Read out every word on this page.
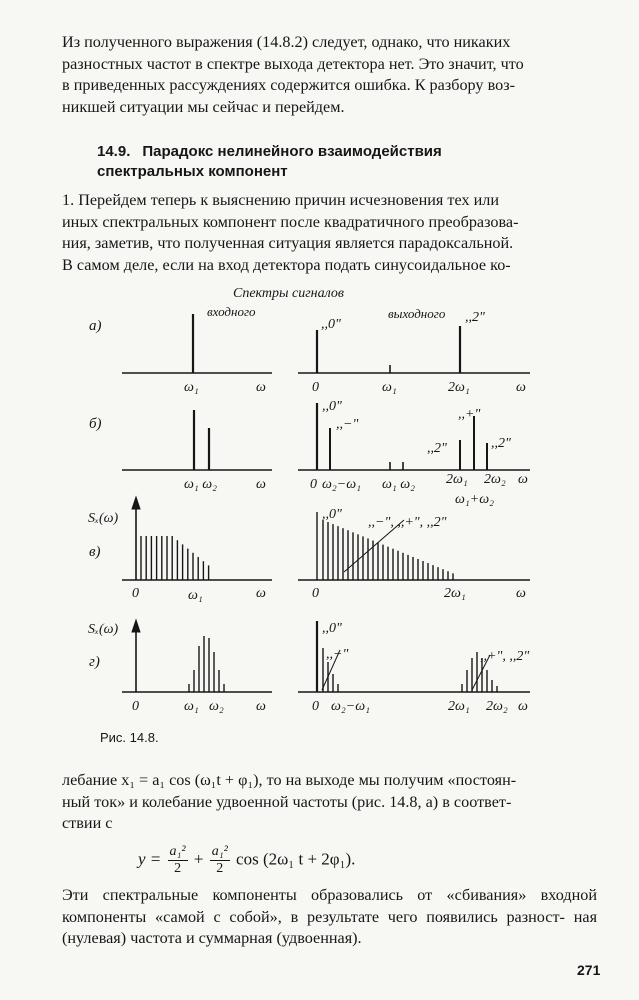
Из полученного выражения (14.8.2) следует, однако, что никаких
разностных частот в спектре выхода детектора нет. Это значит, что
в приведенных рассуждениях содержится ошибка. К разбору воз-
никшей ситуации мы сейчас и перейдем.
14.9. Парадокс нелинейного взаимодействия
спектральных компонент
1. Перейдем теперь к выяснению причин исчезновения тех или
иных спектральных компонент после квадратичного преобразова-
ния, заметив, что полученная ситуация является парадоксальной.
В самом деле, если на вход детектора подать синусоидальное ко-
Спектры сигналов
входного	выходного
а)
б)
в)
г)
Sₓ(ω)
Sₓ(ω)
ω₁	ω	0	ω₁	2ω₁	ω
,,0"	,,2"
ω₁ ω₂	ω	0 ω₂−ω₁ ω₁ ω₂ 2ω₁ 2ω₂ ω
ω₁+ω₂
,,0"
,,−"
,,+"
,,2"	,,2"
0	ω₁	ω	0	2ω₁	ω
,,0"
,,−", ,,+", ,,2"
0	ω₁ ω₂ ω	0 ω₂−ω₁	2ω₁ 2ω₂ ω
,,0"
,,−"	,,+", ,,2"
Рис. 14.8.
лебание x₁ = a₁ cos (ω₁t + φ₁), то на выходе мы получим «постоян-
ный ток» и колебание удвоенной частоты (рис. 14.8, а) в соответ-
ствии с
$y = \frac{\text{a₁²}}{2} + \frac{\text{a₁²}}{2}$ cos (2ω₁ t + 2φ₁).
Эти спектральные компоненты образовались от «сбивания» входной компоненты «самой с собой», в результате чего появились разност- ная (нулевая) частота и суммарная (удвоенная).
271
